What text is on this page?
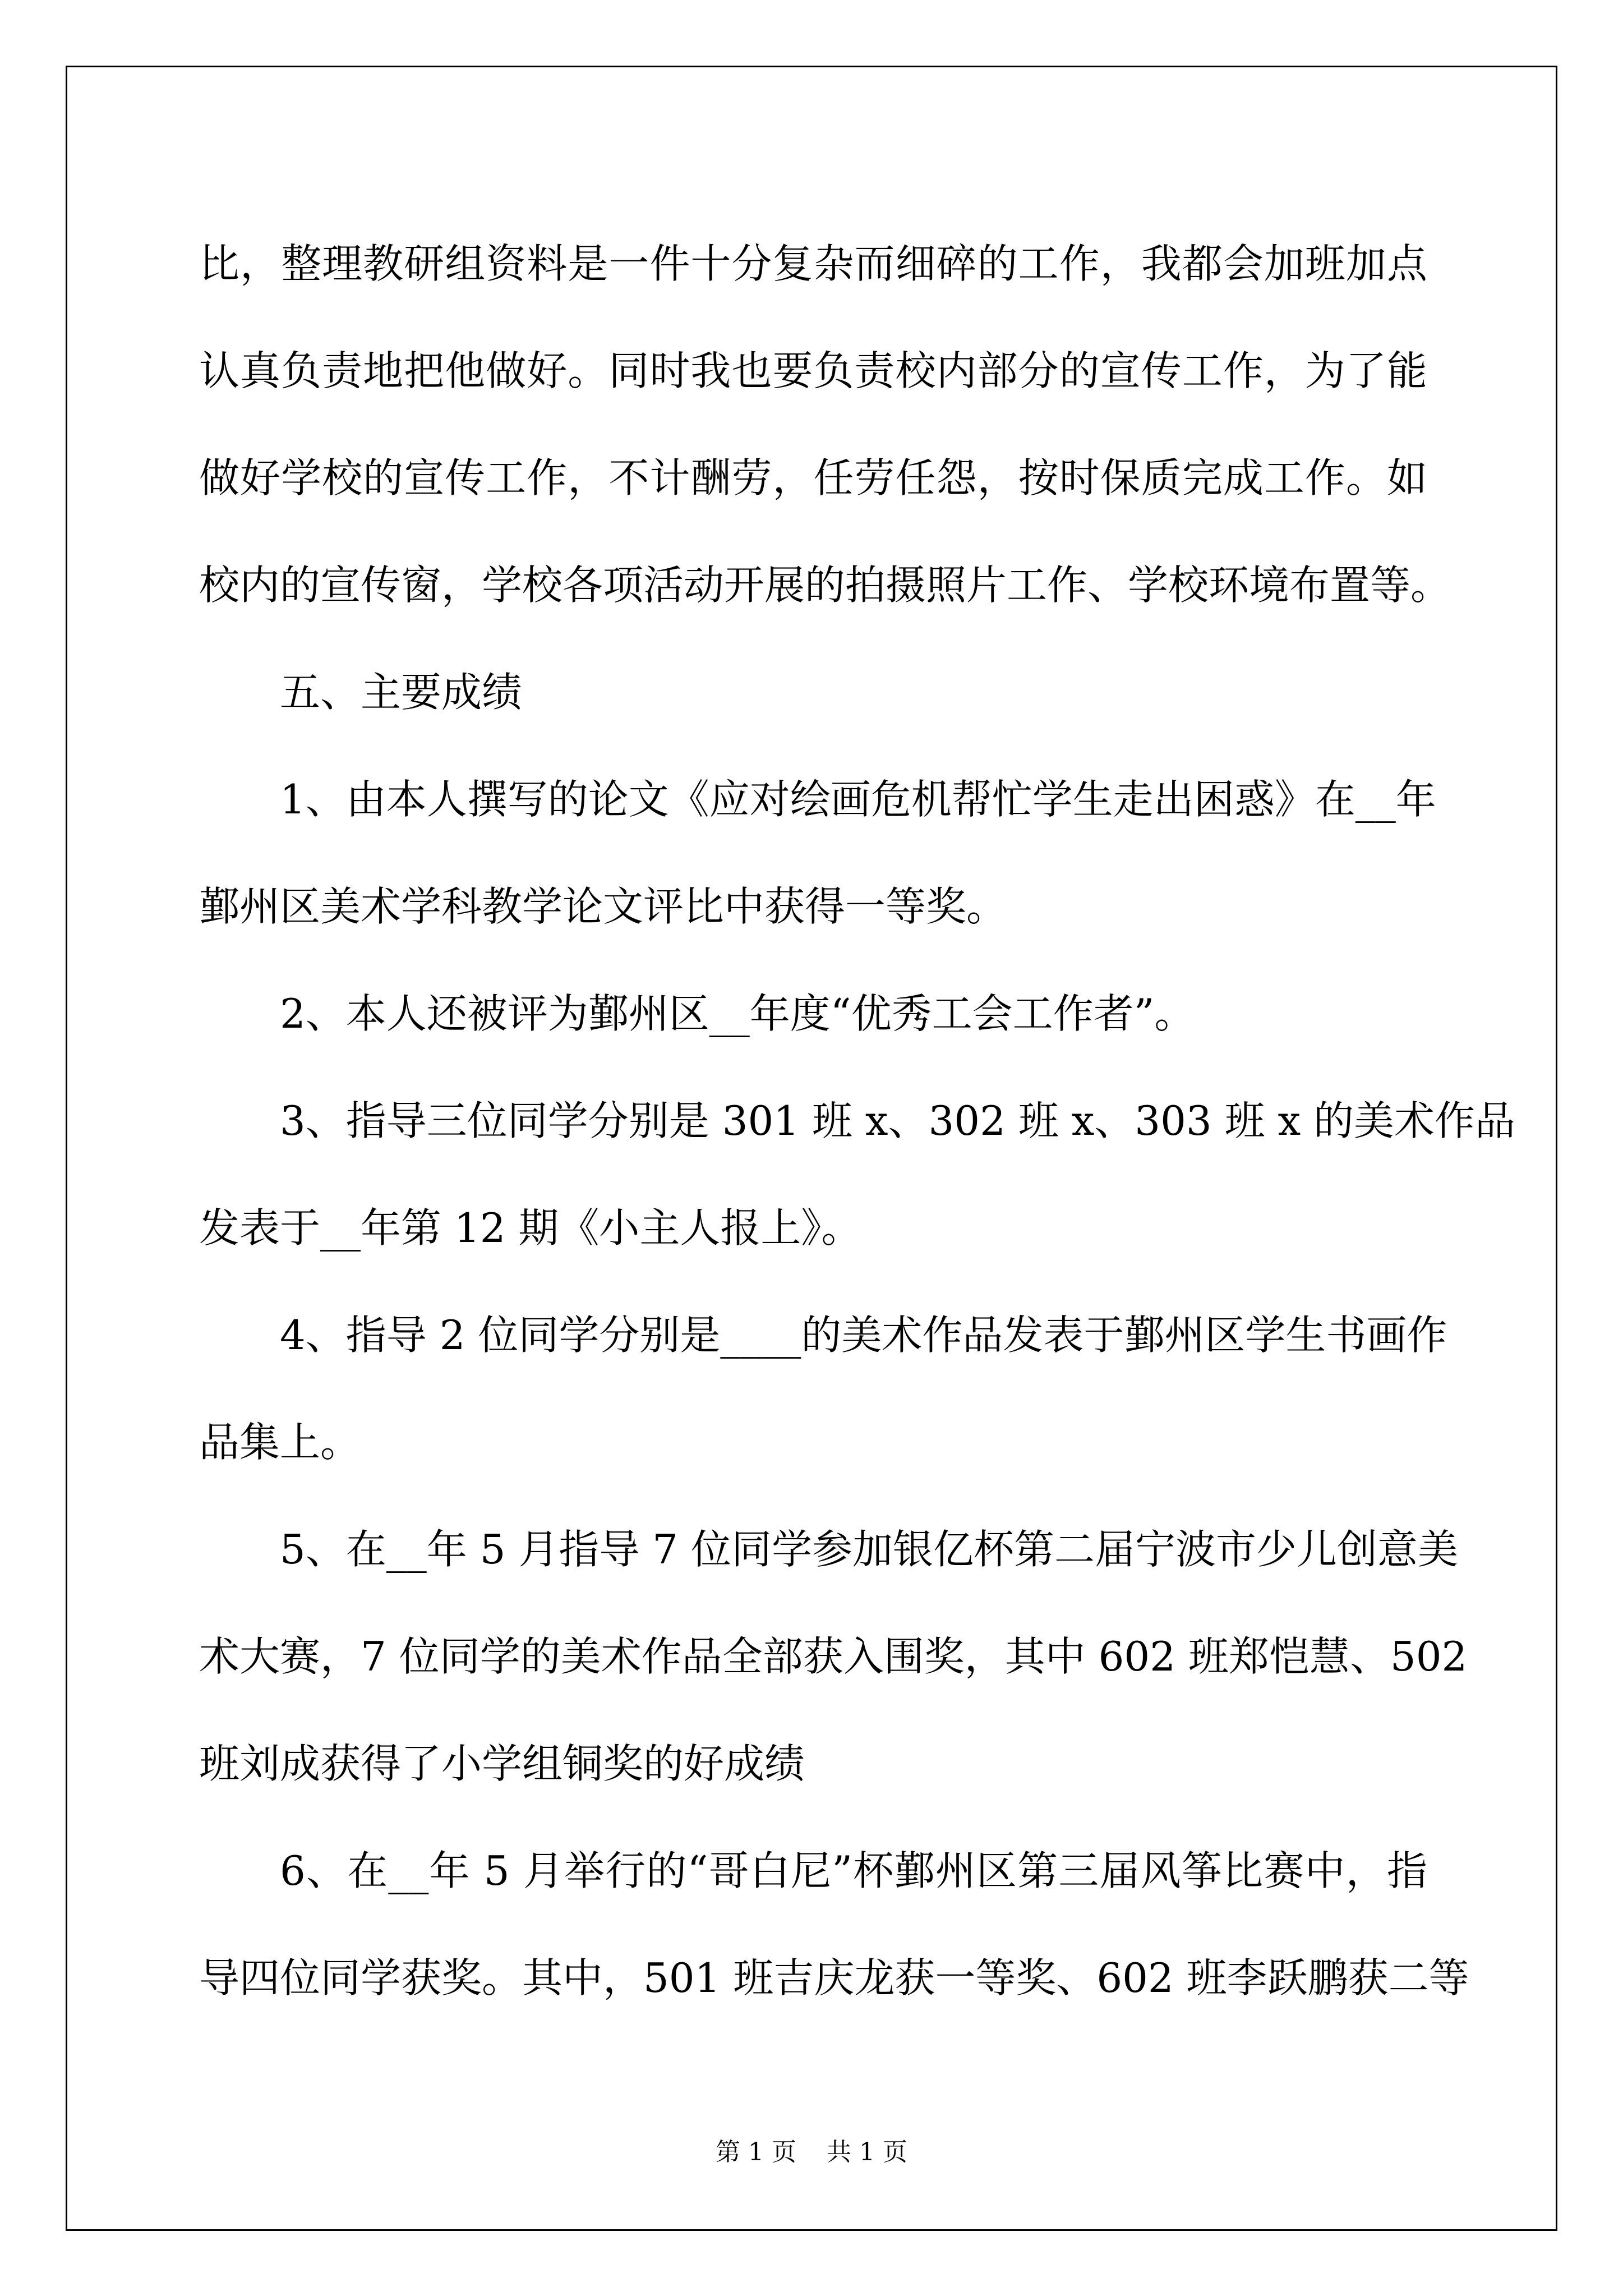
比，整理教研组资料是一件十分复杂而细碎的工作，我都会加班加点
认真负责地把他做好。同时我也要负责校内部分的宣传工作，为了能
做好学校的宣传工作，不计酬劳，任劳任怨，按时保质完成工作。如
校内的宣传窗，学校各项活动开展的拍摄照片工作、学校环境布置等。
五、主要成绩
1、由本人撰写的论文《应对绘画危机帮忙学生走出困惑》在__年
鄞州区美术学科教学论文评比中获得一等奖。
2、本人还被评为鄞州区__年度“优秀工会工作者”。
3、指导三位同学分别是 301 班 x、302 班 x、303 班 x 的美术作品
发表于__年第 12 期《小主人报上》。
4、指导 2 位同学分别是____的美术作品发表于鄞州区学生书画作
品集上。
5、在__年 5 月指导 7 位同学参加银亿杯第二届宁波市少儿创意美
术大赛，7 位同学的美术作品全部获入围奖，其中 602 班郑恺慧、502
班刘成获得了小学组铜奖的好成绩
6、在__年 5 月举行的“哥白尼”杯鄞州区第三届风筝比赛中，指
导四位同学获奖。其中，501 班吉庆龙获一等奖、602 班李跃鹏获二等
第 1 页 共 1 页
